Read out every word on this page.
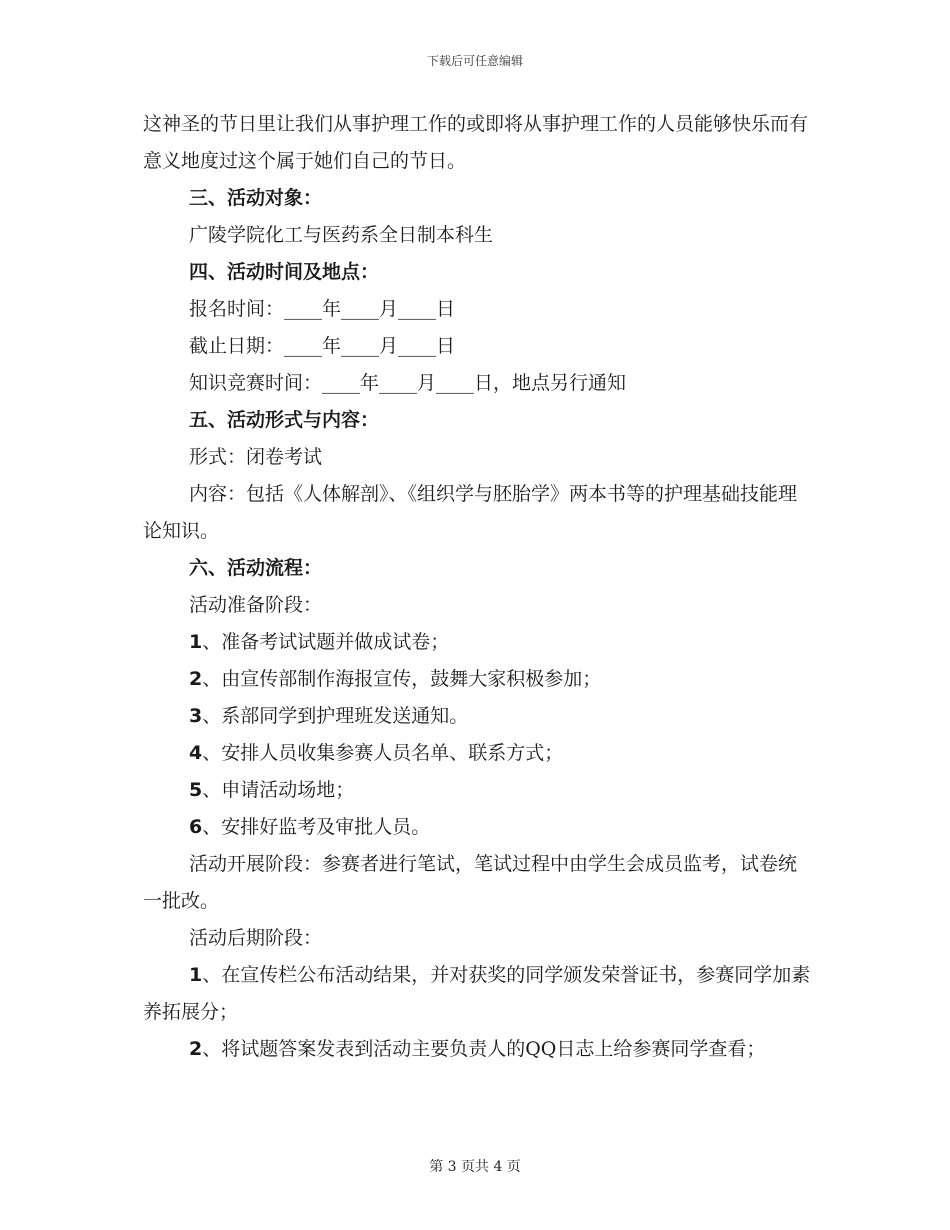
下载后可任意编辑

这神圣的节日里让我们从事护理工作的或即将从事护理工作的人员能够快乐而有意义地度过这个属于她们自己的节日。

三、活动对象：

广陵学院化工与医药系全日制本科生

四、活动时间及地点：

报名时间：____年____月____日

截止日期：____年____月____日

知识竞赛时间：____年____月____日，地点另行通知

五、活动形式与内容：

形式：闭卷考试

内容：包括《人体解剖》、《组织学与胚胎学》两本书等的护理基础技能理论知识。

六、活动流程：

活动准备阶段：

1、准备考试试题并做成试卷；

2、由宣传部制作海报宣传，鼓舞大家积极参加；

3、系部同学到护理班发送通知。

4、安排人员收集参赛人员名单、联系方式；

5、申请活动场地；

6、安排好监考及审批人员。

活动开展阶段：参赛者进行笔试，笔试过程中由学生会成员监考，试卷统一批改。

活动后期阶段：

1、在宣传栏公布活动结果，并对获奖的同学颁发荣誉证书，参赛同学加素养拓展分；

2、将试题答案发表到活动主要负责人的QQ日志上给参赛同学查看；

第 3 页共 4 页
